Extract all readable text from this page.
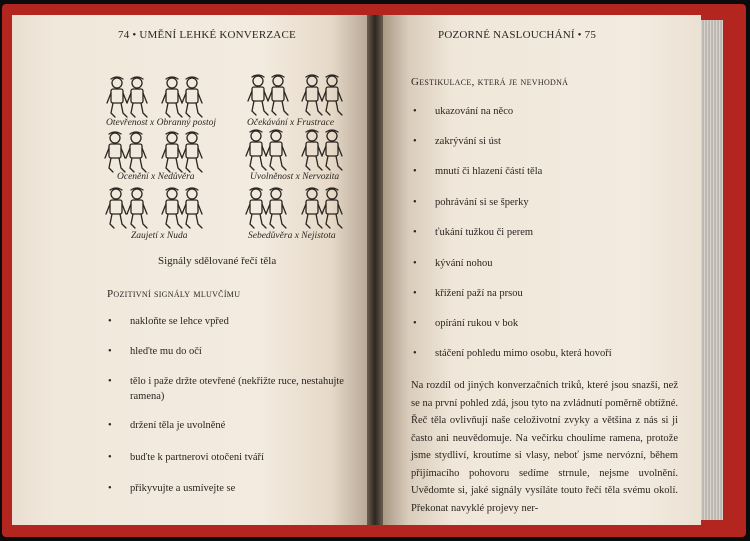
74 • UMĚNÍ LEHKÉ KONVERZACE
Otevřenost x Obranný postoj	Očekávání x Frustrace
Ocenění x Nedůvěra	Uvolněnost x Nervozita
Zaujetí x Nuda	Sebedůvěra x Nejistota
Signály sdělované řečí těla
Pozitivní signály mluvčímu
• nakloňte se lehce vpřed
• hleďte mu do očí
• tělo i paže držte otevřené (nekřižte ruce, nestahujte
ramena)
• držení těla je uvolněné
• buďte k partnerovi otočeni tváří
• přikyvujte a usmívejte se
POZORNÉ NASLOUCHÁNÍ • 75
Gestikulace, která je nevhodná
• ukazování na něco
• zakrývání si úst
• mnutí či hlazení částí těla
• pohrávání si se šperky
• ťukání tužkou či perem
• kývání nohou
• křížení paží na prsou
• opírání rukou v bok
• stáčení pohledu mimo osobu, která hovoří
Na rozdíl od jiných konverzačních triků, které jsou snazší, než se na první pohled zdá, jsou tyto na zvládnutí poměrně obtížné. Řeč těla ovlivňují naše celoživotní zvyky a většina z nás si ji často ani neuvědomuje. Na večírku choulíme ramena, protože jsme stydliví, kroutíme si vlasy, neboť jsme nervózní, během přijímacího pohovoru sedíme strnule, nejsme uvolnění. Uvědomte si, jaké signály vysíláte touto řečí těla svému okolí. Překonat navyklé projevy ner-
